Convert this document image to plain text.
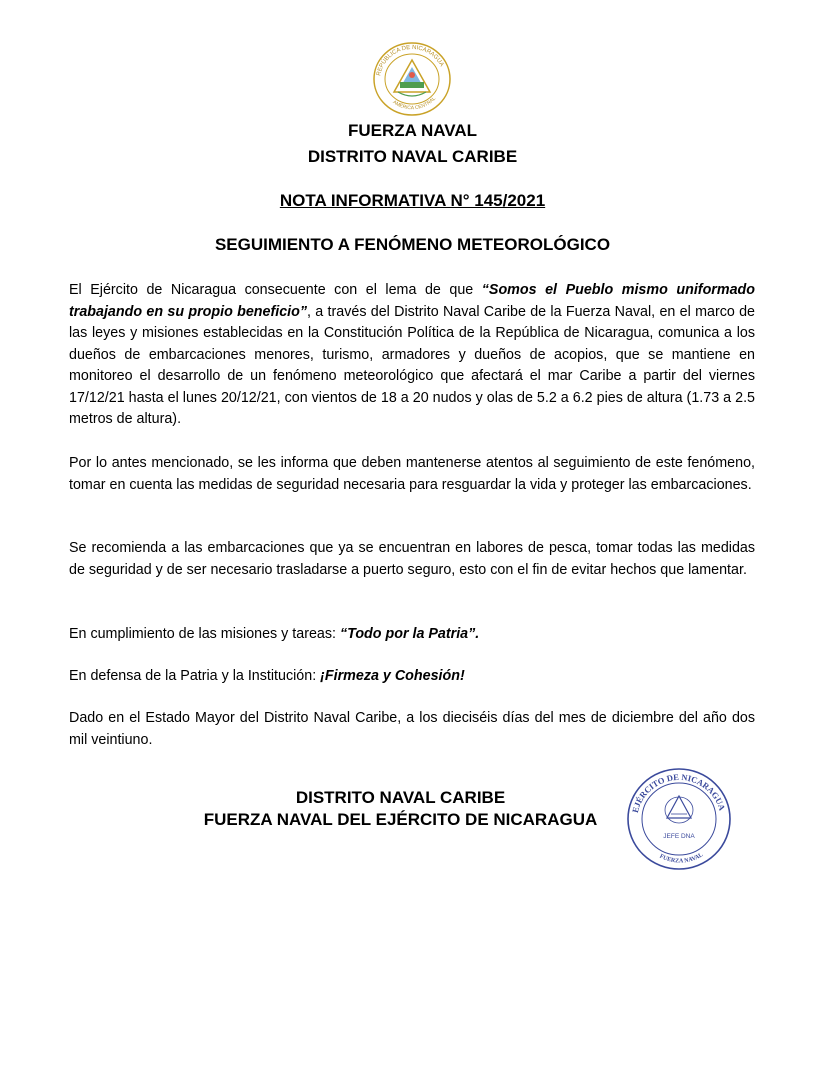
REPÚBLICA DE NICARAGUA
AMÉRICA CENTRAL
FUERZA NAVAL
DISTRITO NAVAL CARIBE
NOTA INFORMATIVA N° 145/2021
SEGUIMIENTO A FENÓMENO METEOROLÓGICO
El Ejército de Nicaragua consecuente con el lema de que “Somos el Pueblo mismo uniformado trabajando en su propio beneficio”, a través del Distrito Naval Caribe de la Fuerza Naval, en el marco de las leyes y misiones establecidas en la Constitución Política de la República de Nicaragua, comunica a los dueños de embarcaciones menores, turismo, armadores y dueños de acopios, que se mantiene en monitoreo el desarrollo de un fenómeno meteorológico que afectará el mar Caribe a partir del viernes 17/12/21 hasta el lunes 20/12/21, con vientos de 18 a 20 nudos y olas de 5.2 a 6.2 pies de altura (1.73 a 2.5 metros de altura).
Por lo antes mencionado, se les informa que deben mantenerse atentos al seguimiento de este fenómeno, tomar en cuenta las medidas de seguridad necesaria para resguardar la vida y proteger las embarcaciones.
Se recomienda a las embarcaciones que ya se encuentran en labores de pesca, tomar todas las medidas de seguridad y de ser necesario trasladarse a puerto seguro, esto con el fin de evitar hechos que lamentar.
En cumplimiento de las misiones y tareas: “Todo por la Patria”.
En defensa de la Patria y la Institución: ¡Firmeza y Cohesión!
Dado en el Estado Mayor del Distrito Naval Caribe, a los dieciséis días del mes de diciembre del año dos mil veintiuno.
DISTRITO NAVAL CARIBE
FUERZA NAVAL DEL EJÉRCITO DE NICARAGUA
EJÉRCITO DE NICARAGUA
FUERZA NAVAL
JEFE DNA
